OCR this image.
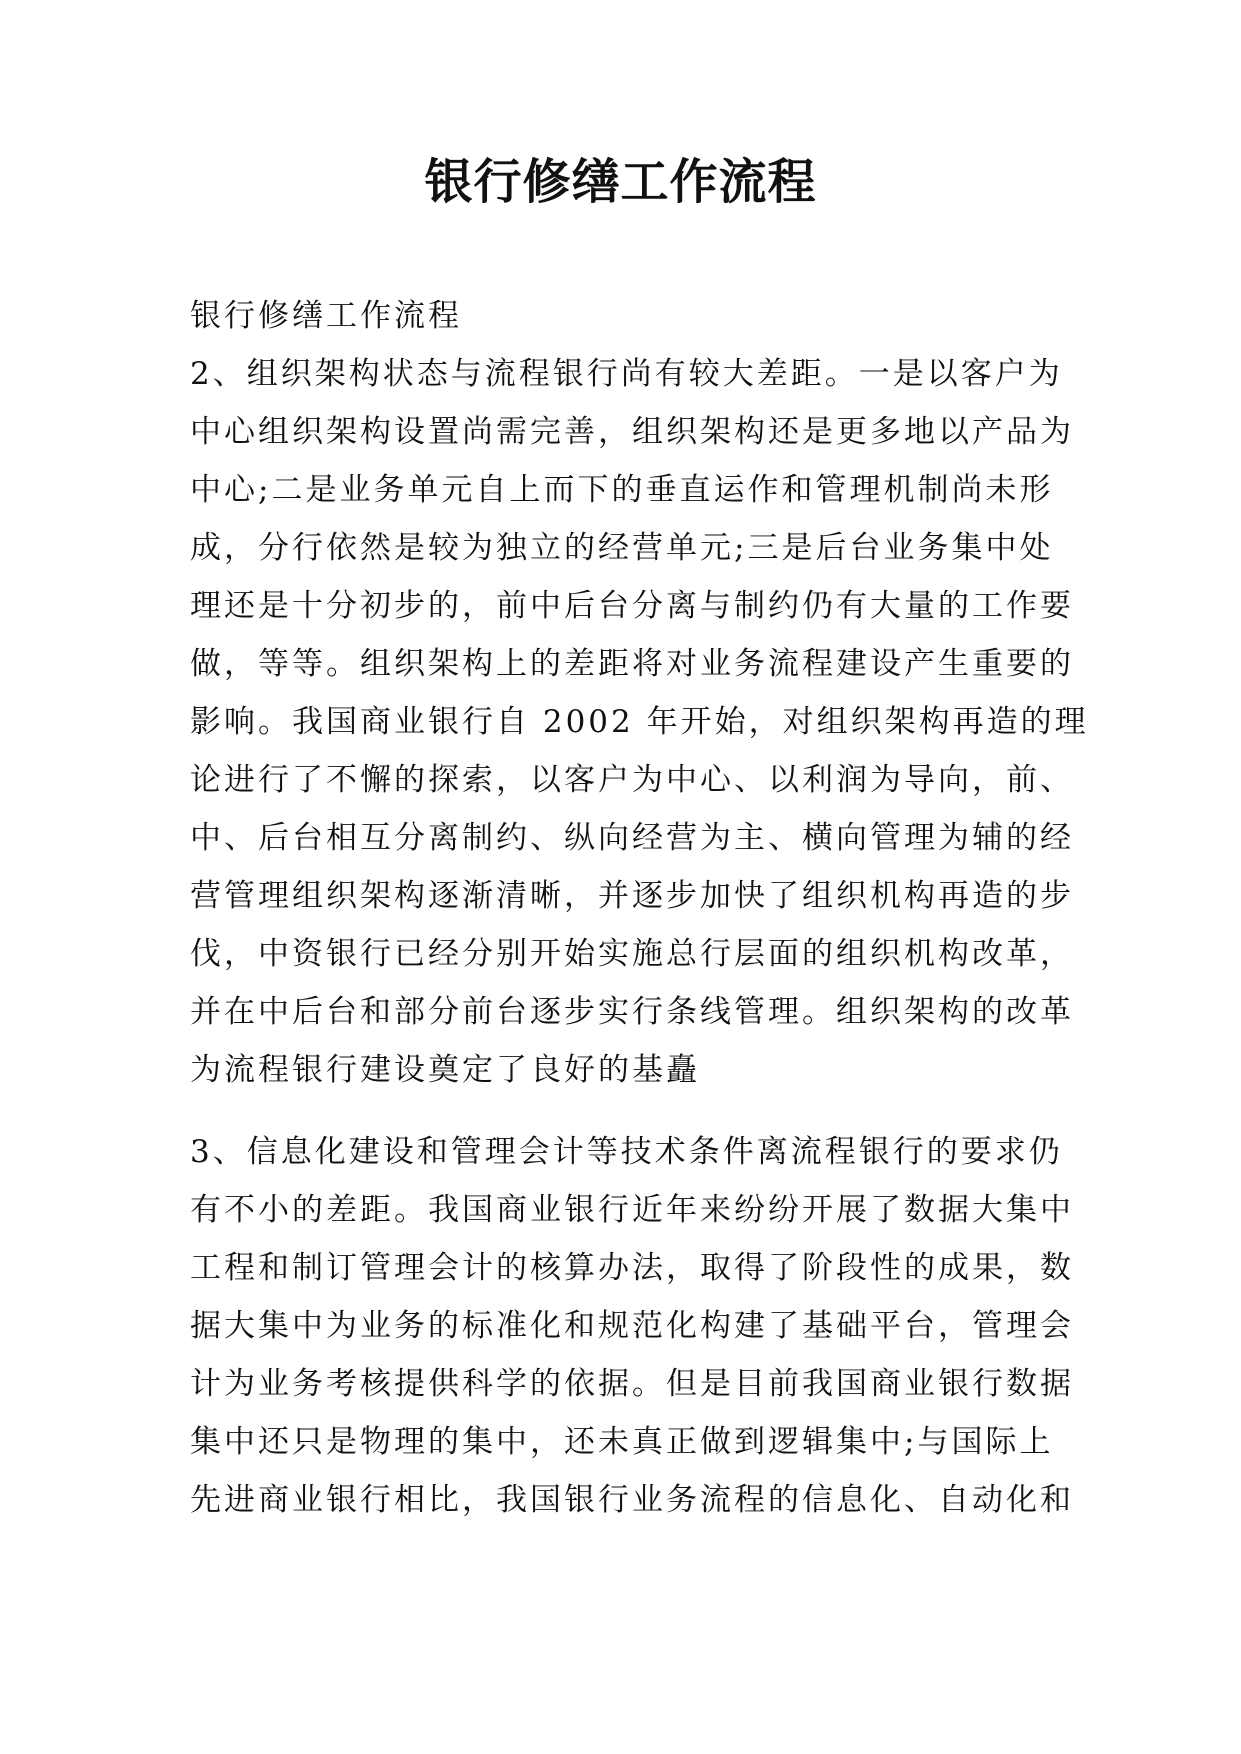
银行修缮工作流程
银行修缮工作流程
2、组织架构状态与流程银行尚有较大差距。一是以客户为
中心组织架构设置尚需完善，组织架构还是更多地以产品为
中心;二是业务单元自上而下的垂直运作和管理机制尚未形
成，分行依然是较为独立的经营单元;三是后台业务集中处
理还是十分初步的，前中后台分离与制约仍有大量的工作要
做，等等。组织架构上的差距将对业务流程建设产生重要的
影响。我国商业银行自 2002 年开始，对组织架构再造的理
论进行了不懈的探索，以客户为中心、以利润为导向，前、
中、后台相互分离制约、纵向经营为主、横向管理为辅的经
营管理组织架构逐渐清晰，并逐步加快了组织机构再造的步
伐，中资银行已经分别开始实施总行层面的组织机构改革，
并在中后台和部分前台逐步实行条线管理。组织架构的改革
为流程银行建设奠定了良好的基矗
3、信息化建设和管理会计等技术条件离流程银行的要求仍
有不小的差距。我国商业银行近年来纷纷开展了数据大集中
工程和制订管理会计的核算办法，取得了阶段性的成果，数
据大集中为业务的标准化和规范化构建了基础平台，管理会
计为业务考核提供科学的依据。但是目前我国商业银行数据
集中还只是物理的集中，还未真正做到逻辑集中;与国际上
先进商业银行相比，我国银行业务流程的信息化、自动化和
